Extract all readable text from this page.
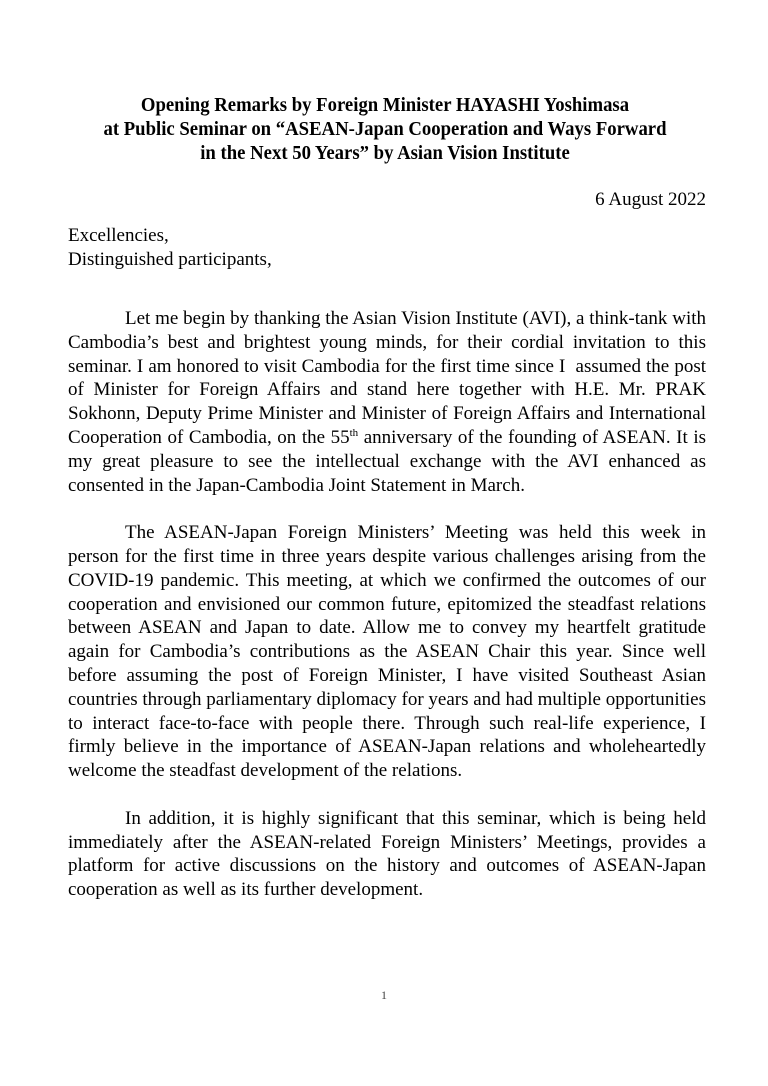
Opening Remarks by Foreign Minister HAYASHI Yoshimasa
at Public Seminar on “ASEAN-Japan Cooperation and Ways Forward
in the Next 50 Years” by Asian Vision Institute
6 August 2022
Excellencies,
Distinguished participants,

Let me begin by thanking the Asian Vision Institute (AVI), a think-tank with Cambodia’s best and brightest young minds, for their cordial invitation to this seminar. I am honored to visit Cambodia for the first time since I  assumed the post of Minister for Foreign Affairs and stand here together with H.E. Mr. PRAK Sokhonn, Deputy Prime Minister and Minister of Foreign Affairs and International Cooperation of Cambodia, on the 55th anniversary of the founding of ASEAN. It is my great pleasure to see the intellectual exchange with the AVI enhanced as consented in the Japan-Cambodia Joint Statement in March.

The ASEAN-Japan Foreign Ministers’ Meeting was held this week in person for the first time in three years despite various challenges arising from the COVID-19 pandemic. This meeting, at which we confirmed the outcomes of our cooperation and envisioned our common future, epitomized the steadfast relations between ASEAN and Japan to date. Allow me to convey my heartfelt gratitude again for Cambodia’s contributions as the ASEAN Chair this year. Since well before assuming the post of Foreign Minister, I have visited Southeast Asian countries through parliamentary diplomacy for years and had multiple opportunities to interact face-to-face with people there. Through such real-life experience, I firmly believe in the importance of ASEAN-Japan relations and wholeheartedly welcome the steadfast development of the relations.

In addition, it is highly significant that this seminar, which is being held immediately after the ASEAN-related Foreign Ministers’ Meetings, provides a platform for active discussions on the history and outcomes of ASEAN-Japan cooperation as well as its further development.

1
